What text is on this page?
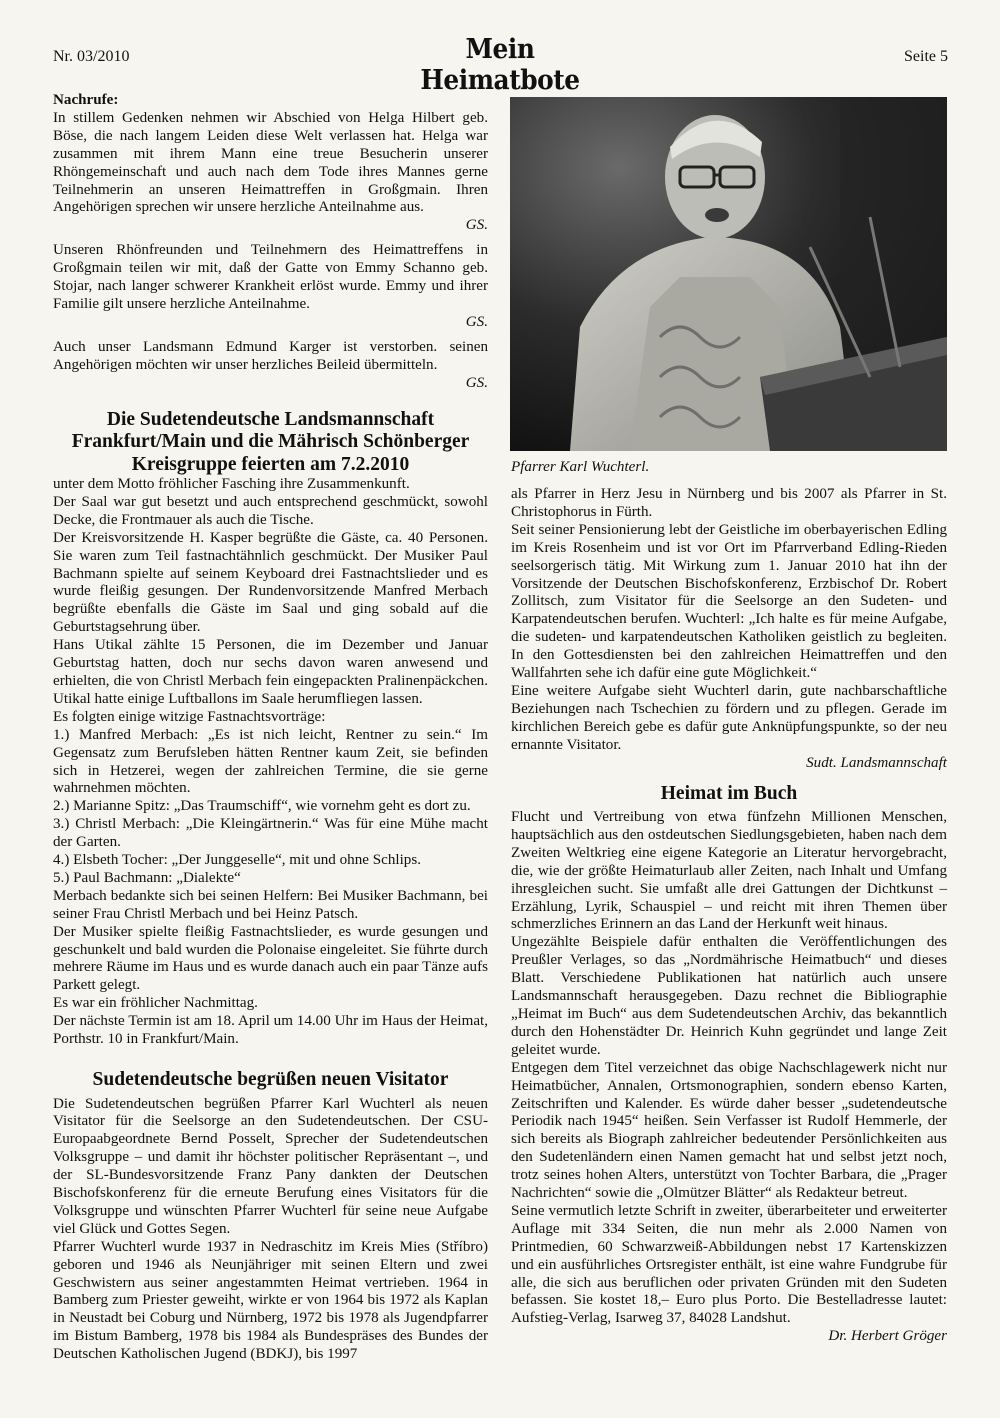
Nr. 03/2010	Mein Heimatbote
Seite 5

Nachrufe:

In stillem Gedenken nehmen wir Abschied von Helga Hilbert geb. Böse, die nach langem Leiden diese Welt verlassen hat. Helga war zusammen mit ihrem Mann eine treue Besucherin unserer Rhöngemeinschaft und auch nach dem Tode ihres Mannes gerne Teilnehmerin an unseren Heimattreffen in Großgmain. Ihren Angehörigen sprechen wir unsere herzliche Anteilnahme aus.

GS.

Unseren Rhönfreunden und Teilnehmern des Heimattreffens in Großgmain teilen wir mit, daß der Gatte von Emmy Schanno geb. Stojar, nach langer schwerer Krankheit erlöst wurde. Emmy und ihrer Familie gilt unsere herzliche Anteilnahme.

GS.

Auch unser Landsmann Edmund Karger ist verstorben. seinen Angehörigen möchten wir unser herzliches Beileid übermitteln.

GS.

Die Sudetendeutsche Landsmannschaft Frankfurt/Main und die Mährisch Schönberger Kreisgruppe feierten am 7.2.2010

unter dem Motto fröhlicher Fasching ihre Zusammenkunft.

Der Saal war gut besetzt und auch entsprechend geschmückt, sowohl Decke, die Frontmauer als auch die Tische.

Der Kreisvorsitzende H. Kasper begrüßte die Gäste, ca. 40 Personen. Sie waren zum Teil fastnachtähnlich geschmückt. Der Musiker Paul Bachmann spielte auf seinem Keyboard drei Fastnachtslieder und es wurde fleißig gesungen. Der Rundenvorsitzende Manfred Merbach begrüßte ebenfalls die Gäste im Saal und ging sobald auf die Geburtstagsehrung über.

Hans Utikal zählte 15 Personen, die im Dezember und Januar Geburtstag hatten, doch nur sechs davon waren anwesend und erhielten, die von Christl Merbach fein eingepackten Pralinenpäckchen. Utikal hatte einige Luftballons im Saale herumfliegen lassen.

Es folgten einige witzige Fastnachtsvorträge:

1.) Manfred Merbach: „Es ist nich leicht, Rentner zu sein.“ Im Gegensatz zum Berufsleben hätten Rentner kaum Zeit, sie befinden sich in Hetzerei, wegen der zahlreichen Termine, die sie gerne wahrnehmen möchten.

2.) Marianne Spitz: „Das Traumschiff“, wie vornehm geht es dort zu.

3.) Christl Merbach: „Die Kleingärtnerin.“ Was für eine Mühe macht der Garten.

4.) Elsbeth Tocher: „Der Junggeselle“, mit und ohne Schlips.

5.) Paul Bachmann: „Dialekte“

Merbach bedankte sich bei seinen Helfern: Bei Musiker Bachmann, bei seiner Frau Christl Merbach und bei Heinz Patsch.

Der Musiker spielte fleißig Fastnachtslieder, es wurde gesungen und geschunkelt und bald wurden die Polonaise eingeleitet. Sie führte durch mehrere Räume im Haus und es wurde danach auch ein paar Tänze aufs Parkett gelegt.

Es war ein fröhlicher Nachmittag.

Der nächste Termin ist am 18. April um 14.00 Uhr im Haus der Heimat, Porthstr. 10 in Frankfurt/Main.

Sudetendeutsche begrüßen neuen Visitator

Die Sudetendeutschen begrüßen Pfarrer Karl Wuchterl als neuen Visitator für die Seelsorge an den Sudetendeutschen. Der CSU-Europaabgeordnete Bernd Posselt, Sprecher der Sudetendeutschen Volksgruppe – und damit ihr höchster politischer Repräsentant –, und der SL-Bundesvorsitzende Franz Pany dankten der Deutschen Bischofskonferenz für die erneute Berufung eines Visitators für die Volksgruppe und wünschten Pfarrer Wuchterl für seine neue Aufgabe viel Glück und Gottes Segen.

Pfarrer Wuchterl wurde 1937 in Nedraschitz im Kreis Mies (Stříbro) geboren und 1946 als Neunjähriger mit seinen Eltern und zwei Geschwistern aus seiner angestammten Heimat vertrieben. 1964 in Bamberg zum Priester geweiht, wirkte er von 1964 bis 1972 als Kaplan in Neustadt bei Coburg und Nürnberg, 1972 bis 1978 als Jugendpfarrer im Bistum Bamberg, 1978 bis 1984 als Bundespräses des Bundes der Deutschen Katholischen Jugend (BDKJ), bis 1997

Pfarrer Karl Wuchterl.

als Pfarrer in Herz Jesu in Nürnberg und bis 2007 als Pfarrer in St. Christophorus in Fürth.

Seit seiner Pensionierung lebt der Geistliche im oberbayerischen Edling im Kreis Rosenheim und ist vor Ort im Pfarrverband Edling-Rieden seelsorgerisch tätig. Mit Wirkung zum 1. Januar 2010 hat ihn der Vorsitzende der Deutschen Bischofskonferenz, Erzbischof Dr. Robert Zollitsch, zum Visitator für die Seelsorge an den Sudeten- und Karpatendeutschen berufen. Wuchterl: „Ich halte es für meine Aufgabe, die sudeten- und karpatendeutschen Katholiken geistlich zu begleiten. In den Gottesdiensten bei den zahlreichen Heimattreffen und den Wallfahrten sehe ich dafür eine gute Möglichkeit.“

Eine weitere Aufgabe sieht Wuchterl darin, gute nachbarschaftliche Beziehungen nach Tschechien zu fördern und zu pflegen. Gerade im kirchlichen Bereich gebe es dafür gute Anknüpfungspunkte, so der neu ernannte Visitator.

Sudt. Landsmannschaft

Heimat im Buch

Flucht und Vertreibung von etwa fünfzehn Millionen Menschen, hauptsächlich aus den ostdeutschen Siedlungsgebieten, haben nach dem Zweiten Weltkrieg eine eigene Kategorie an Literatur hervorgebracht, die, wie der größte Heimaturlaub aller Zeiten, nach Inhalt und Umfang ihresgleichen sucht. Sie umfaßt alle drei Gattungen der Dichtkunst – Erzählung, Lyrik, Schauspiel – und reicht mit ihren Themen über schmerzliches Erinnern an das Land der Herkunft weit hinaus.

Ungezählte Beispiele dafür enthalten die Veröffentlichungen des Preußler Verlages, so das „Nordmährische Heimatbuch“ und dieses Blatt. Verschiedene Publikationen hat natürlich auch unsere Landsmannschaft herausgegeben. Dazu rechnet die Bibliographie „Heimat im Buch“ aus dem Sudetendeutschen Archiv, das bekanntlich durch den Hohenstädter Dr. Heinrich Kuhn gegründet und lange Zeit geleitet wurde.

Entgegen dem Titel verzeichnet das obige Nachschlagewerk nicht nur Heimatbücher, Annalen, Ortsmonographien, sondern ebenso Karten, Zeitschriften und Kalender. Es würde daher besser „sudetendeutsche Periodik nach 1945“ heißen. Sein Verfasser ist Rudolf Hemmerle, der sich bereits als Biograph zahlreicher bedeutender Persönlichkeiten aus den Sudetenländern einen Namen gemacht hat und selbst jetzt noch, trotz seines hohen Alters, unterstützt von Tochter Barbara, die „Prager Nachrichten“ sowie die „Olmützer Blätter“ als Redakteur betreut.

Seine vermutlich letzte Schrift in zweiter, überarbeiteter und erweiterter Auflage mit 334 Seiten, die nun mehr als 2.000 Namen von Printmedien, 60 Schwarzweiß-Abbildungen nebst 17 Kartenskizzen und ein ausführliches Ortsregister enthält, ist eine wahre Fundgrube für alle, die sich aus beruflichen oder privaten Gründen mit den Sudeten befassen. Sie kostet 18,– Euro plus Porto. Die Bestelladresse lautet: Aufstieg-Verlag, Isarweg 37, 84028 Landshut.

Dr. Herbert Gröger
